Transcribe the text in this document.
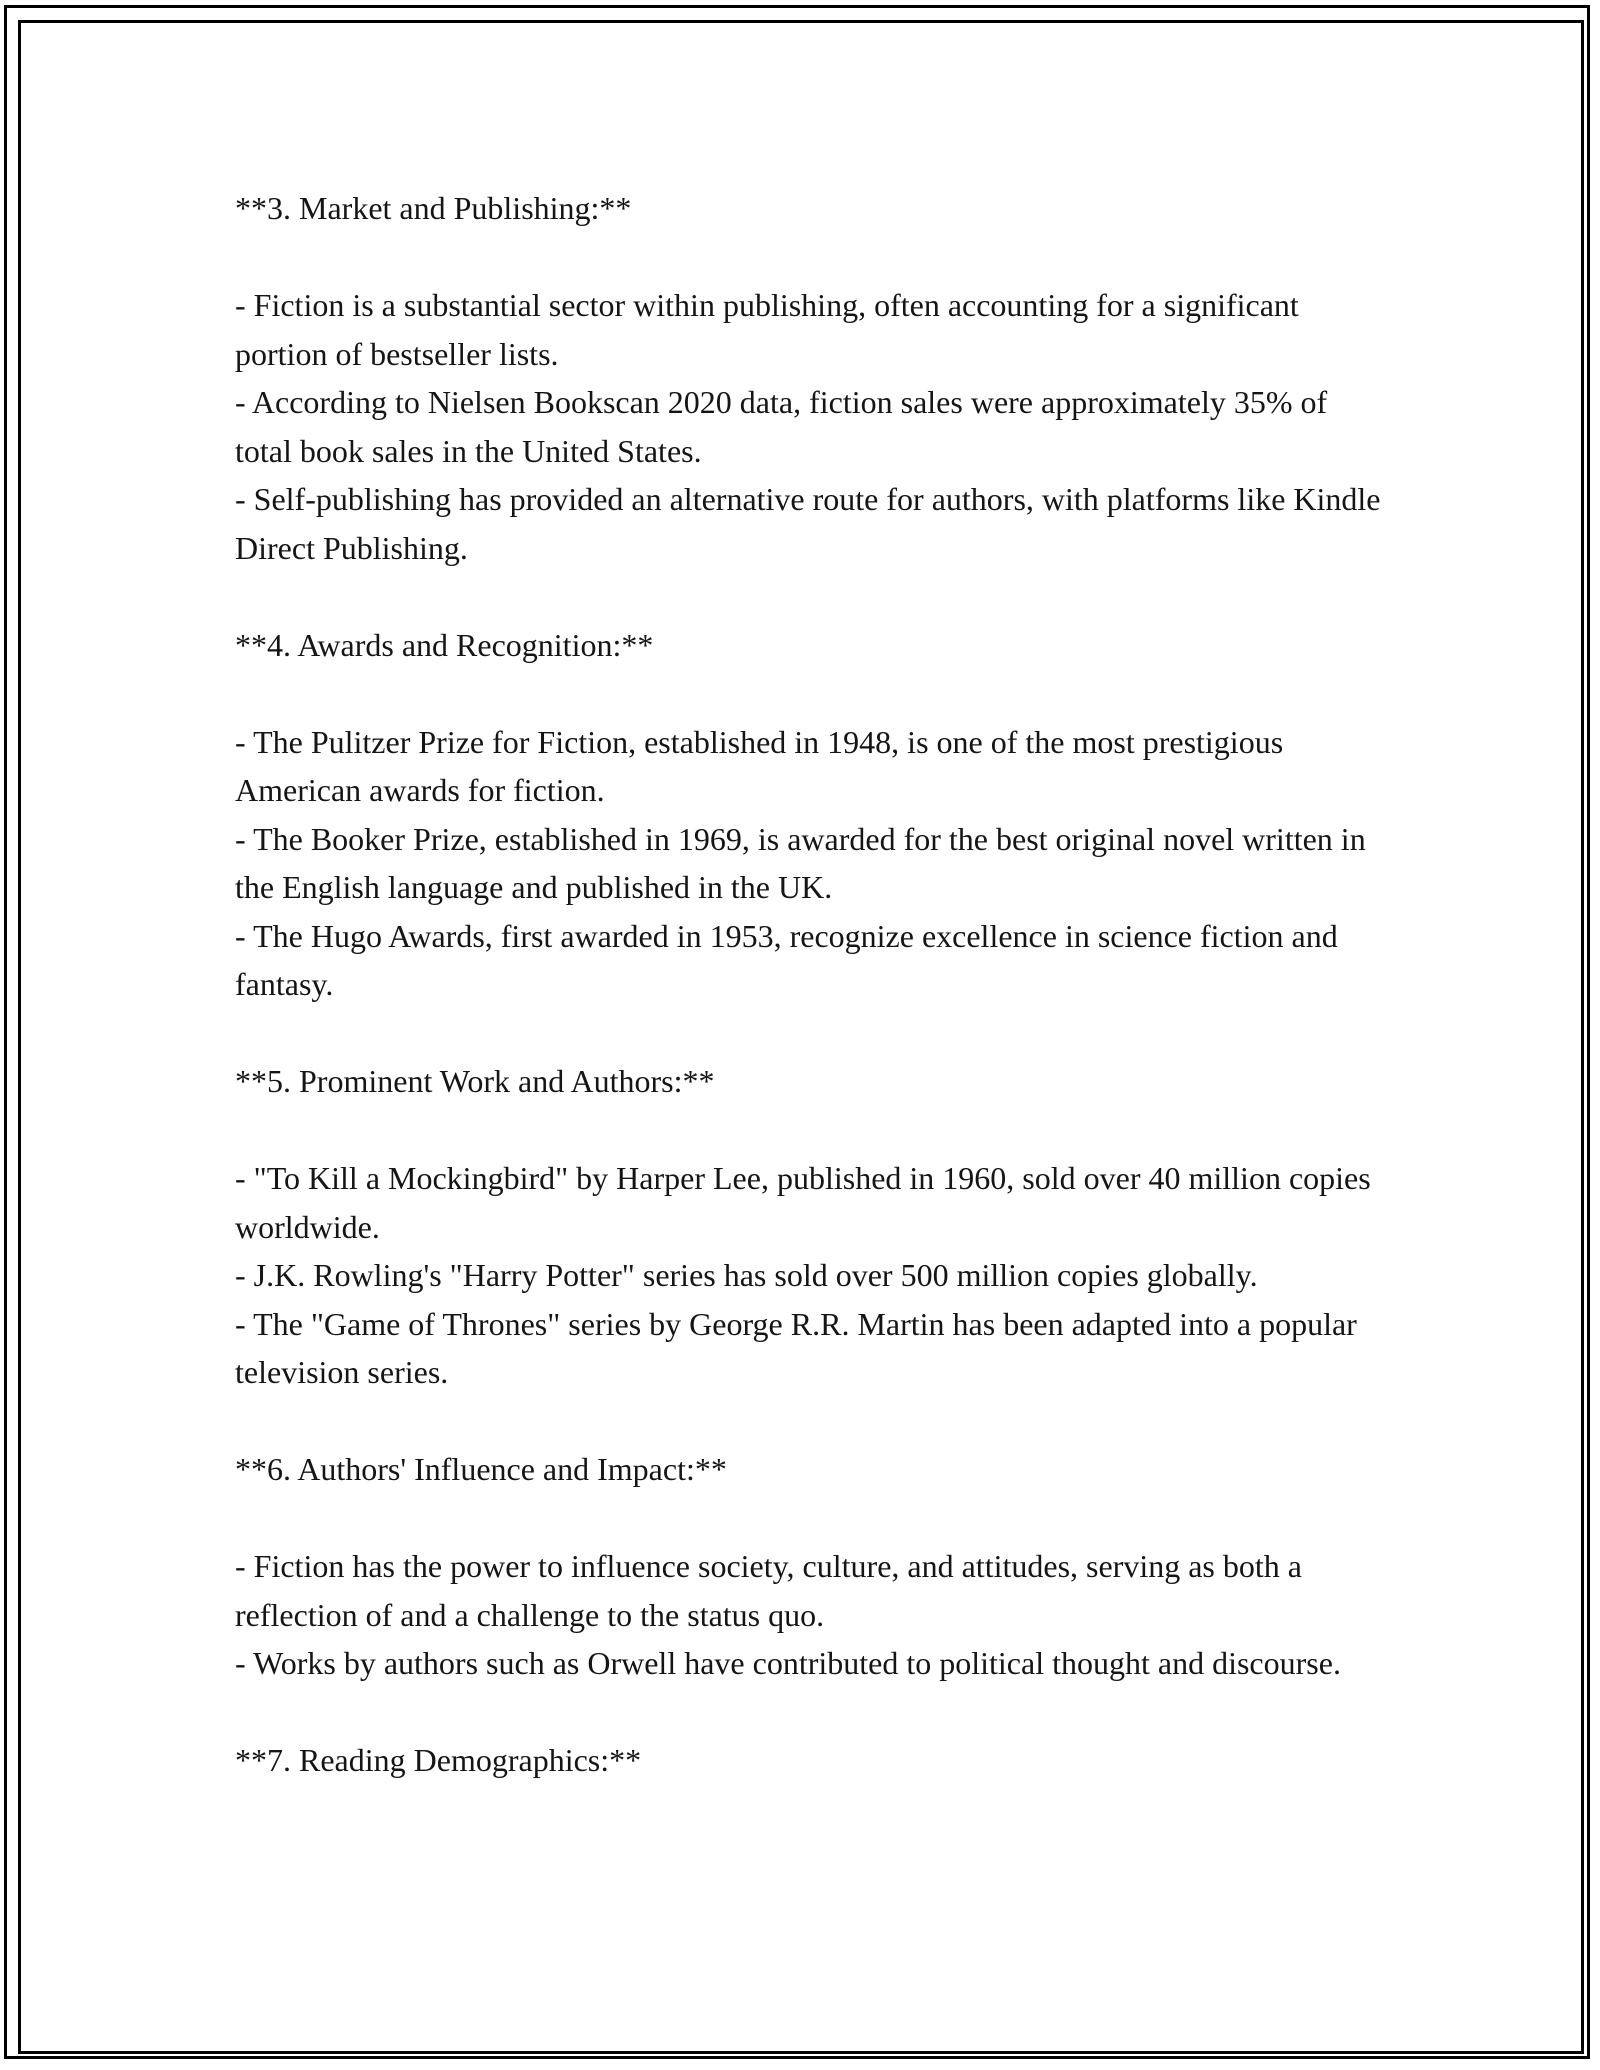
**3. Market and Publishing:**

- Fiction is a substantial sector within publishing, often accounting for a significant portion of bestseller lists.
- According to Nielsen Bookscan 2020 data, fiction sales were approximately 35% of total book sales in the United States.
- Self-publishing has provided an alternative route for authors, with platforms like Kindle Direct Publishing.

**4. Awards and Recognition:**

- The Pulitzer Prize for Fiction, established in 1948, is one of the most prestigious American awards for fiction.
- The Booker Prize, established in 1969, is awarded for the best original novel written in the English language and published in the UK.
- The Hugo Awards, first awarded in 1953, recognize excellence in science fiction and fantasy.

**5. Prominent Work and Authors:**

- "To Kill a Mockingbird" by Harper Lee, published in 1960, sold over 40 million copies worldwide.
- J.K. Rowling's "Harry Potter" series has sold over 500 million copies globally.
- The "Game of Thrones" series by George R.R. Martin has been adapted into a popular television series.

**6. Authors' Influence and Impact:**

- Fiction has the power to influence society, culture, and attitudes, serving as both a reflection of and a challenge to the status quo.
- Works by authors such as Orwell have contributed to political thought and discourse.

**7. Reading Demographics:**
